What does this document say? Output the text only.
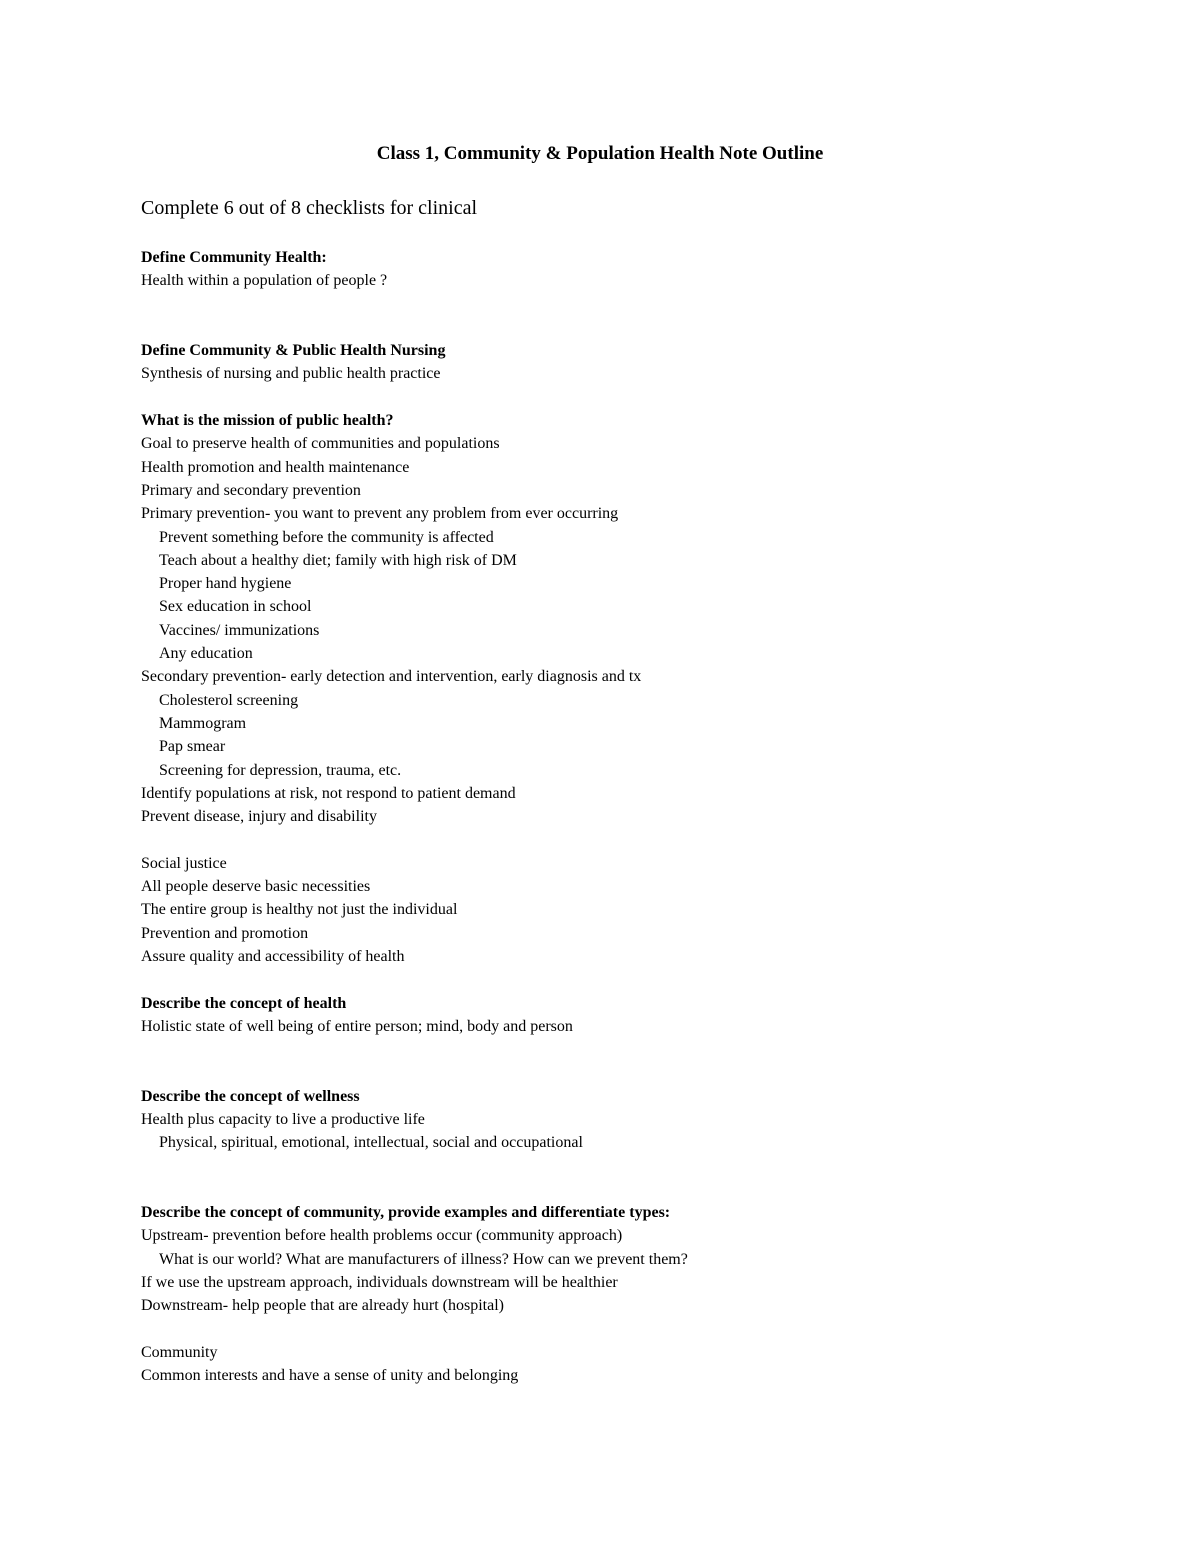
Class 1, Community & Population Health Note Outline
Complete 6 out of 8 checklists for clinical
Define Community Health:
Health within a population of people ?
Define Community & Public Health Nursing
Synthesis of nursing and public health practice
What is the mission of public health?
Goal to preserve health of communities and populations
Health promotion and health maintenance
Primary and secondary prevention
Primary prevention- you want to prevent any problem from ever occurring
Prevent something before the community is affected
Teach about a healthy diet; family with high risk of DM
Proper hand hygiene
Sex education in school
Vaccines/ immunizations
Any education
Secondary prevention- early detection and intervention, early diagnosis and tx
Cholesterol screening
Mammogram
Pap smear
Screening for depression, trauma, etc.
Identify populations at risk, not respond to patient demand
Prevent disease, injury and disability
Social justice
All people deserve basic necessities
The entire group is healthy not just the individual
Prevention and promotion
Assure quality and accessibility of health
Describe the concept of health
Holistic state of well being of entire person; mind, body and person
Describe the concept of wellness
Health plus capacity to live a productive life
Physical, spiritual, emotional, intellectual, social and occupational
Describe the concept of community, provide examples and differentiate types:
Upstream- prevention before health problems occur (community approach)
What is our world? What are manufacturers of illness? How can we prevent them?
If we use the upstream approach, individuals downstream will be healthier
Downstream- help people that are already hurt (hospital)
Community
Common interests and have a sense of unity and belonging
